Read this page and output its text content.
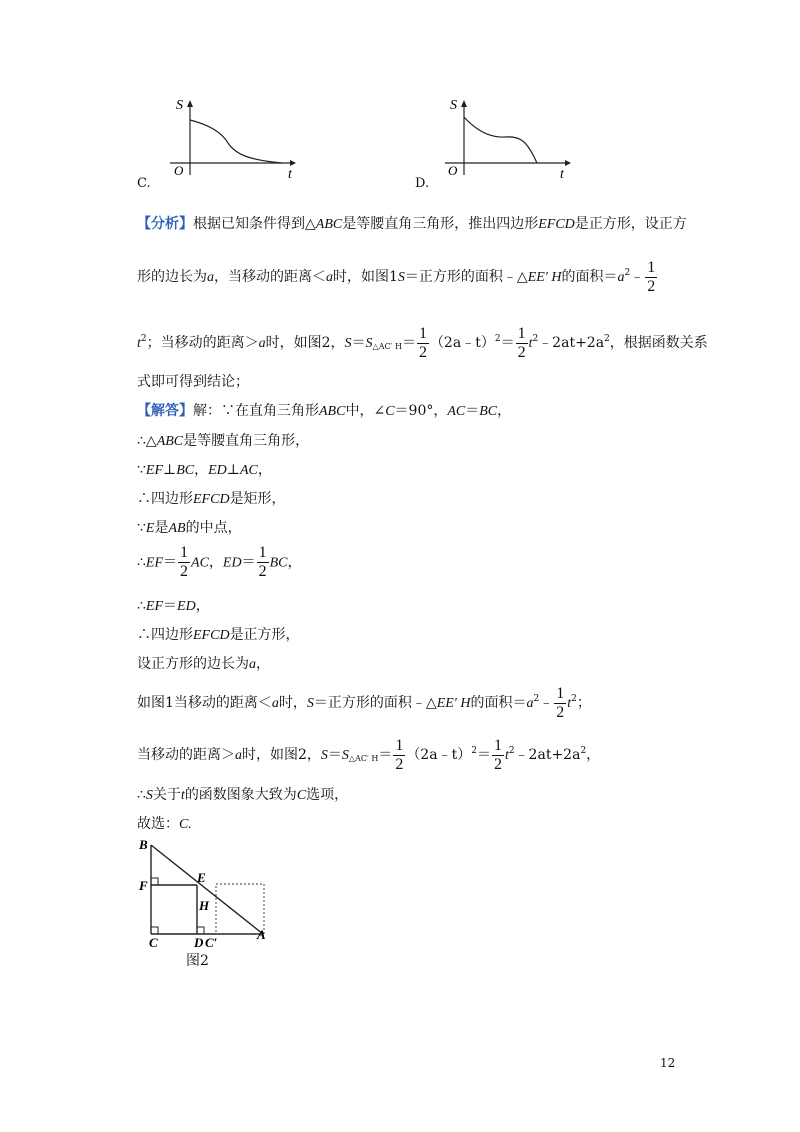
S
O	t
C.
S
O	t
D.
【分析】根据已知条件得到△ABC是等腰直角三角形，推出四边形EFCD是正方形，设正方
形的边长为a，当移动的距离＜a时，如图1S＝正方形的面积﹣△EE′ H的面积$=a^2﹣ \frac{1}{2}$
$t^2$；当移动的距离＞a时，如图2，$S=S_{\triangle AC' H}= \frac{1}{2}$ （2a﹣t）$^2$＝ $\frac{1}{2}$ $t^2﹣2at+2a^2$，根据函数关系
式即可得到结论；
【解答】解：∵在直角三角形ABC中，∠C＝90°，AC＝BC，
∴△ABC是等腰直角三角形，
∵EF⊥BC，ED⊥AC，
∴四边形EFCD是矩形，
∵E是AB的中点，
∴EF＝ $\frac{1}{2}$ AC，$ED= \frac{1}{2}$ BC，
∴EF＝ED，
∴四边形EFCD是正方形，
设正方形的边长为a，
如图1当移动的距离＜a时，S＝正方形的面积﹣△EE′ H的面积$=a^2﹣ \frac{1}{2} t^2$；
当移动的距离＞a时，如图2，$S=S_{\triangle AC' H}= \frac{1}{2}$ （2a﹣t）$^2$＝ $\frac{1}{2}$ $t^2﹣2at+2a^2$，
∴S关于t的函数图象大致为C选项，
故选：C.
B
E
F
H
C	D C′
A
图2
12
